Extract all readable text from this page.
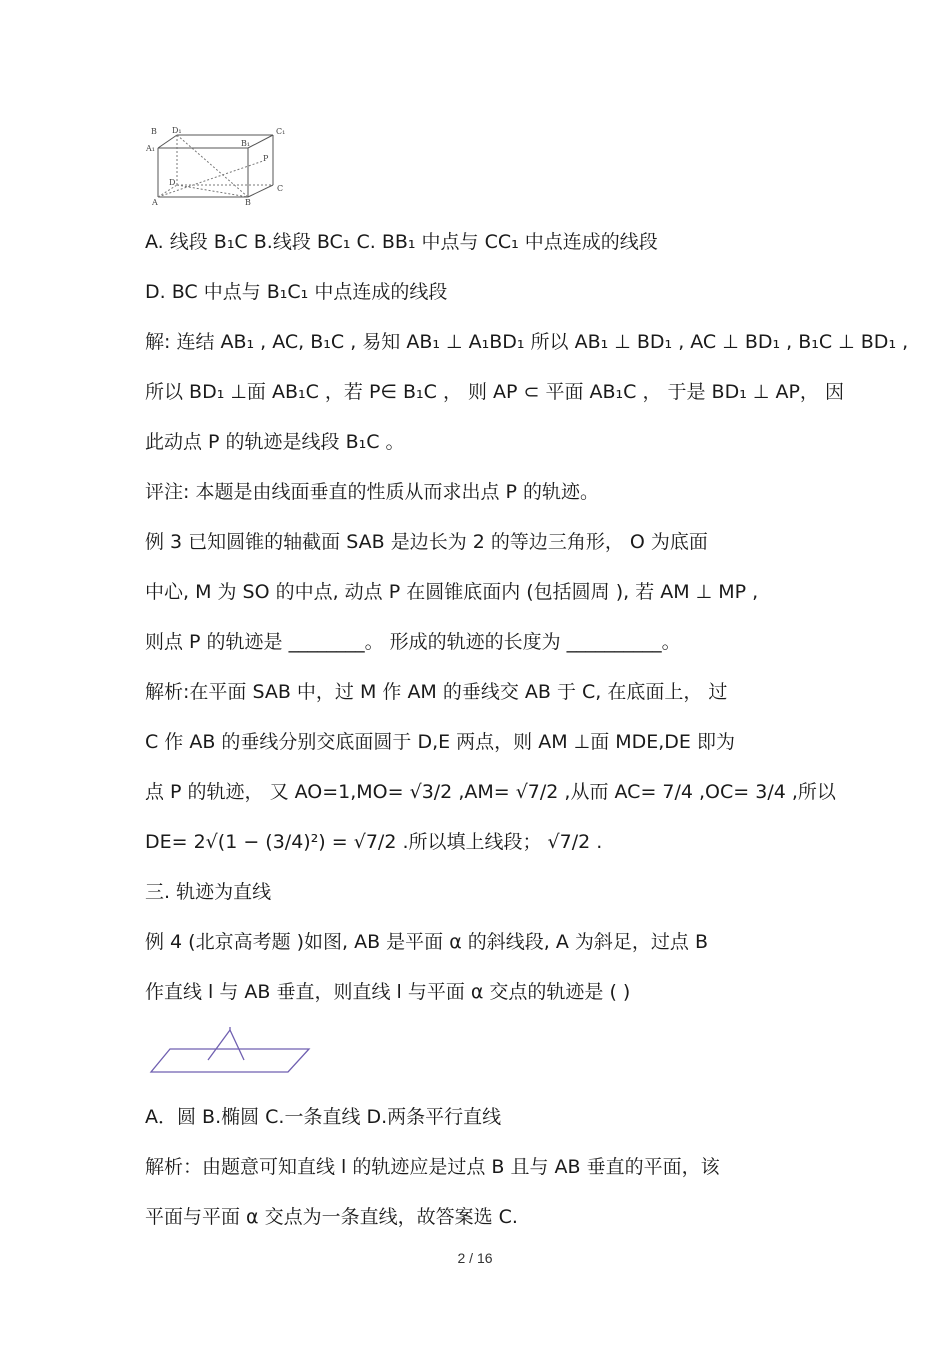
B D₁	C₁
A₁
B₁
P
D
C
A	B
A. 线段 B₁C B.线段 BC₁ C. BB₁ 中点与 CC₁ 中点连成的线段
D. BC 中点与 B₁C₁ 中点连成的线段
解: 连结 AB₁ , AC, B₁C , 易知 AB₁ ⊥ A₁BD₁ 所以 AB₁ ⊥ BD₁ , AC ⊥ BD₁ , B₁C ⊥ BD₁ ,
所以 BD₁ ⊥面 AB₁C ，若 P∈ B₁C ， 则 AP ⊂ 平面 AB₁C ， 于是 BD₁ ⊥ AP， 因
此动点 P 的轨迹是线段 B₁C 。
评注: 本题是由线面垂直的性质从而求出点 P 的轨迹。
例 3 已知圆锥的轴截面 SAB 是边长为 2 的等边三角形， O 为底面
中心, M 为 SO 的中点, 动点 P 在圆锥底面内 (包括圆周 ), 若 AM ⊥ MP ,
则点 P 的轨迹是 ________。 形成的轨迹的长度为 __________。
解析:在平面 SAB 中，过 M 作 AM 的垂线交 AB 于 C, 在底面上， 过
C 作 AB 的垂线分别交底面圆于 D,E 两点，则 AM ⊥面 MDE,DE 即为
点 P 的轨迹， 又 AO=1,MO= √3/2 ,AM= √7/2 ,从而 AC= 7/4 ,OC= 3/4 ,所以
DE= 2√(1 − (3/4)²) = √7/2 .所以填上线段； √7/2 .
三. 轨迹为直线
例 4 (北京高考题 )如图, AB 是平面 α 的斜线段, A 为斜足，过点 B
作直线 l 与 AB 垂直，则直线 l 与平面 α 交点的轨迹是 ( )
A．圆 B.椭圆 C.一条直线 D.两条平行直线
解析：由题意可知直线 l 的轨迹应是过点 B 且与 AB 垂直的平面，该
平面与平面 α 交点为一条直线，故答案选 C.
2 / 16
